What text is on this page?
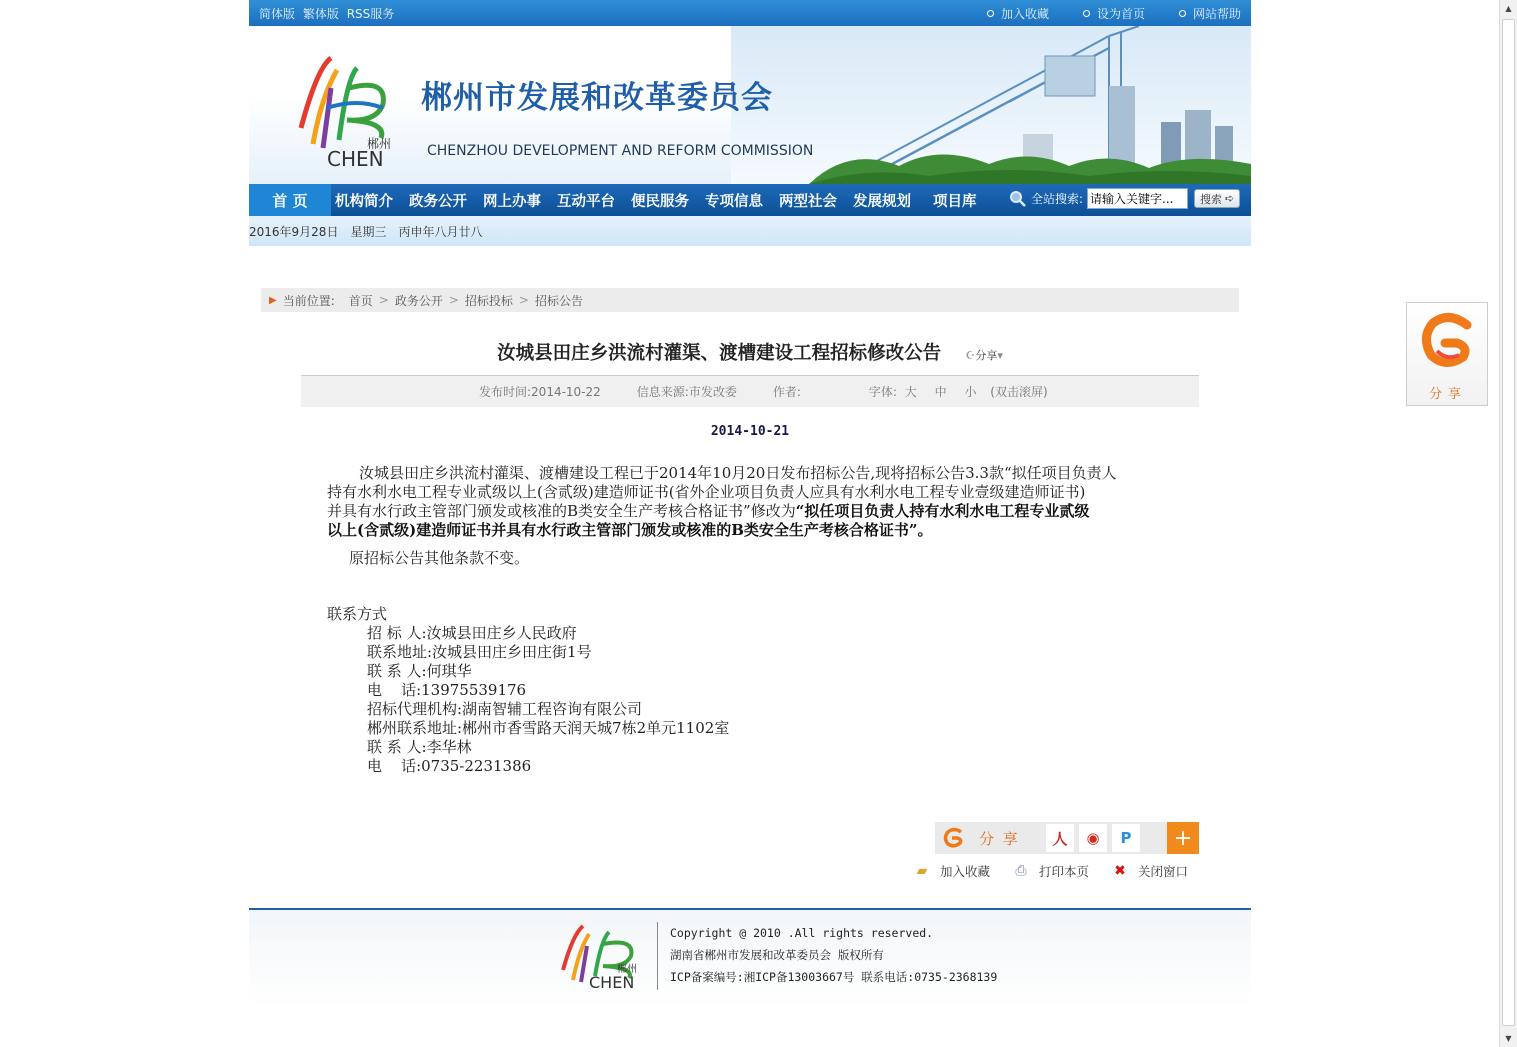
简体版 繁体版 RSS服务	加入收藏	设为首页	网站帮助
郴州
CHEN
郴州市发展和改革委员会
CHENZHOU DEVELOPMENT AND REFORM COMMISSION
首 页	机构简介 政务公开 网上办事 互动平台 便民服务 专项信息 两型社会 发展规划 项目库	全站搜索:
请输入关键字...	搜索 ➪
2016年9月28日 星期三 丙申年八月廿八
▶ 当前位置: 首页 > 政务公开 > 招标投标 > 招标公告
汝城县田庄乡洪流村灌渠、渡槽建设工程招标修改公告 ☪分享▾
发布时间:2014-10-22	信息来源:市发改委	作者:	字体: 大 中 小 (双击滚屏)
2014-10-21
汝城县田庄乡洪流村灌渠、渡槽建设工程已于2014年10月20日发布招标公告,现将招标公告3.3款“拟任项目负责人
持有水利水电工程专业贰级以上(含贰级)建造师证书(省外企业项目负责人应具有水利水电工程专业壹级建造师证书)
并具有水行政主管部门颁发或核准的B类安全生产考核合格证书”修改为“拟任项目负责人持有水利水电工程专业贰级
以上(含贰级)建造师证书并具有水行政主管部门颁发或核准的B类安全生产考核合格证书”。
原招标公告其他条款不变。
联系方式
招 标 人:汝城县田庄乡人民政府
联系地址:汝城县田庄乡田庄街1号
联 系 人:何琪华
电    话:13975539176
招标代理机构:湖南智辅工程咨询有限公司
郴州联系地址:郴州市香雪路天润天城7栋2单元1102室
联 系 人:李华林
电    话:0735-2231386
分 享	人	◉	P	+
▰ 加入收藏 ⎙ 打印本页 ✖ 关闭窗口
郴州
CHEN
Copyright @ 2010 .All rights reserved.
湖南省郴州市发展和改革委员会 版权所有
ICP备案编号:湘ICP备13003667号 联系电话:0735-2368139
分享
▲
▼
